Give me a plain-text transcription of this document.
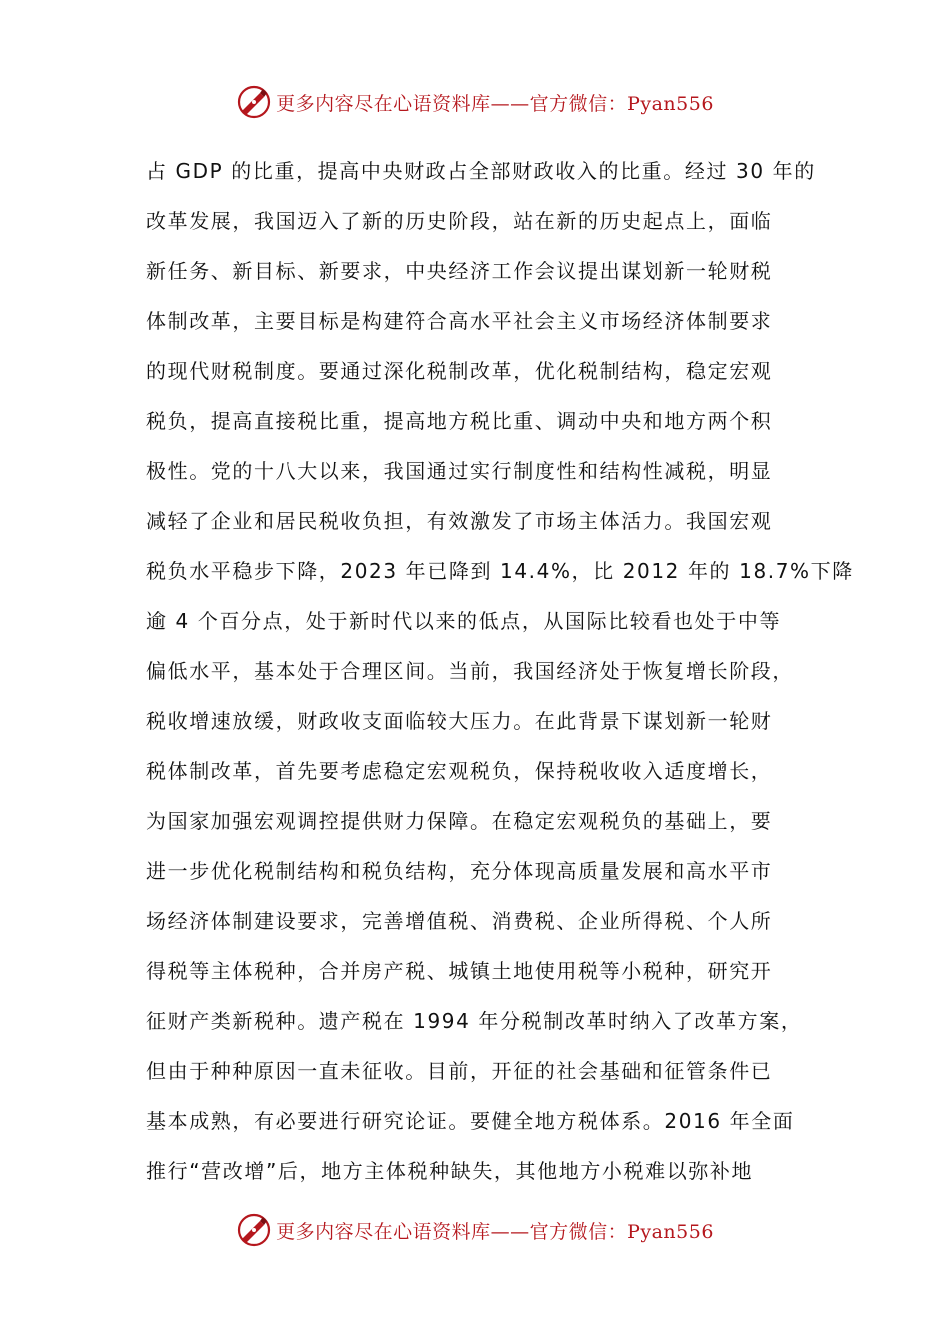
更多内容尽在心语资料库——官方微信：Pyan556
占 GDP 的比重，提高中央财政占全部财政收入的比重。经过 30 年的
改革发展，我国迈入了新的历史阶段，站在新的历史起点上，面临
新任务、新目标、新要求，中央经济工作会议提出谋划新一轮财税
体制改革，主要目标是构建符合高水平社会主义市场经济体制要求
的现代财税制度。要通过深化税制改革，优化税制结构，稳定宏观
税负，提高直接税比重，提高地方税比重、调动中央和地方两个积
极性。党的十八大以来，我国通过实行制度性和结构性减税，明显
减轻了企业和居民税收负担，有效激发了市场主体活力。我国宏观
税负水平稳步下降，2023 年已降到 14.4%，比 2012 年的 18.7%下降
逾 4 个百分点，处于新时代以来的低点，从国际比较看也处于中等
偏低水平，基本处于合理区间。当前，我国经济处于恢复增长阶段，
税收增速放缓，财政收支面临较大压力。在此背景下谋划新一轮财
税体制改革，首先要考虑稳定宏观税负，保持税收收入适度增长，
为国家加强宏观调控提供财力保障。在稳定宏观税负的基础上，要
进一步优化税制结构和税负结构，充分体现高质量发展和高水平市
场经济体制建设要求，完善增值税、消费税、企业所得税、个人所
得税等主体税种，合并房产税、城镇土地使用税等小税种，研究开
征财产类新税种。遗产税在 1994 年分税制改革时纳入了改革方案，
但由于种种原因一直未征收。目前，开征的社会基础和征管条件已
基本成熟，有必要进行研究论证。要健全地方税体系。2016 年全面
推行“营改增”后，地方主体税种缺失，其他地方小税难以弥补地
更多内容尽在心语资料库——官方微信：Pyan556
